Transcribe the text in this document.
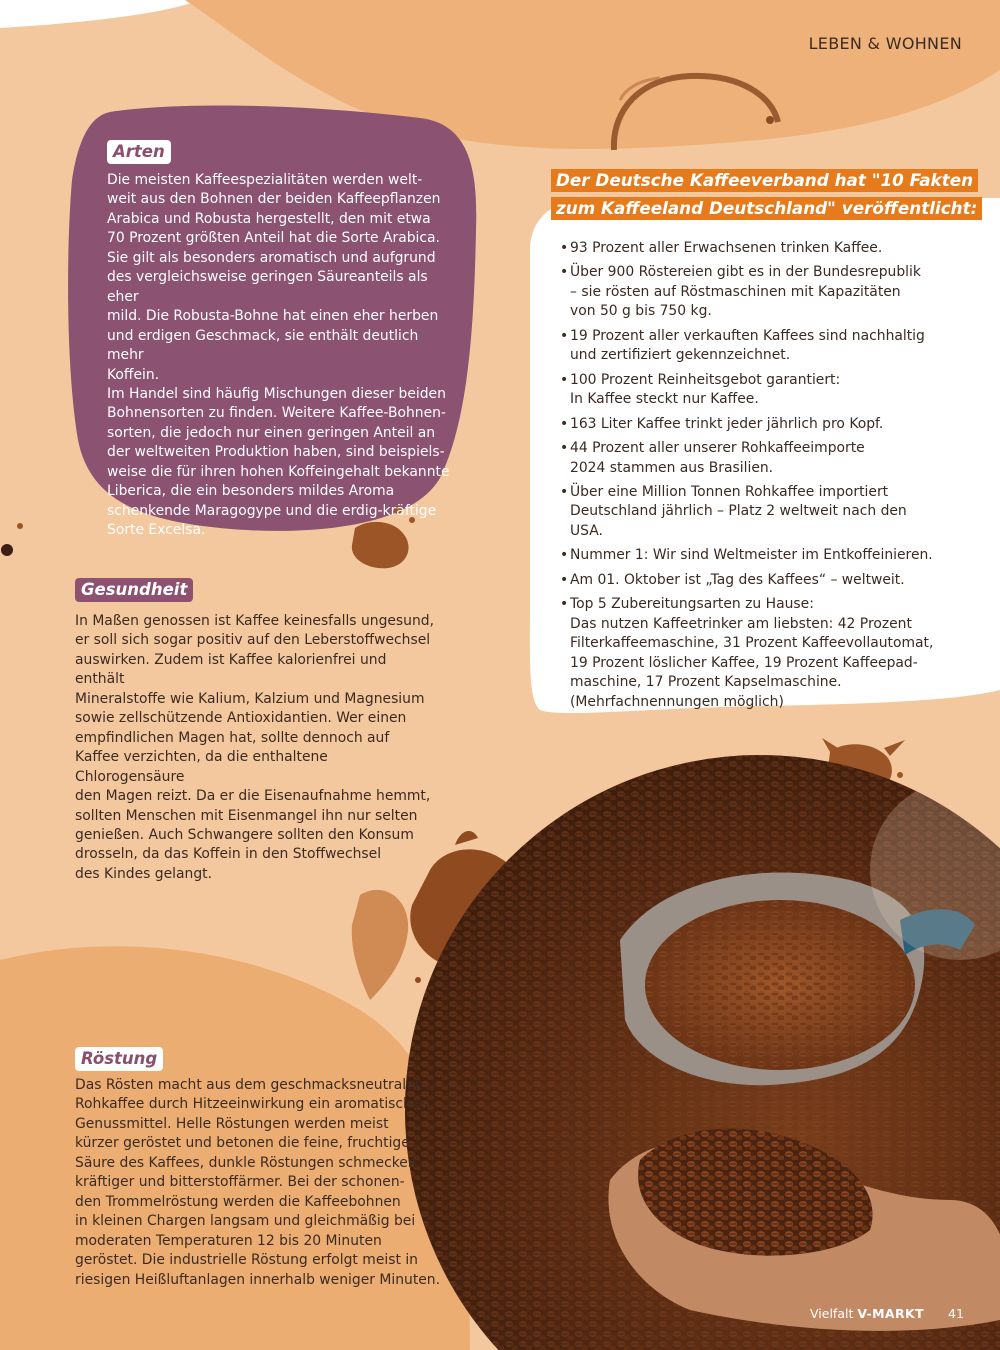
LEBEN & WOHNEN
Arten

Die meisten Kaffeespezialitäten werden welt-

weit aus den Bohnen der beiden Kaffeepflanzen

Arabica und Robusta hergestellt, den mit etwa

70 Prozent größten Anteil hat die Sorte Arabica.

Sie gilt als besonders aromatisch und aufgrund

des vergleichsweise geringen Säureanteils als eher

mild. Die Robusta-Bohne hat einen eher herben

und erdigen Geschmack, sie enthält deutlich mehr

Koffein.

Im Handel sind häufig Mischungen dieser beiden

Bohnensorten zu finden. Weitere Kaffee-Bohnen-

sorten, die jedoch nur einen geringen Anteil an

der weltweiten Produktion haben, sind beispiels-

weise die für ihren hohen Koffeingehalt bekannte

Liberica, die ein besonders mildes Aroma

schenkende Maragogype und die erdig-kräftige

Sorte Excelsa.

Der Deutsche Kaffeeverband hat "10 Fakten
zum Kaffeeland Deutschland" veröffentlicht:
• 93 Prozent aller Erwachsenen trinken Kaffee.
• Über 900 Röstereien gibt es in der Bundesrepublik
– sie rösten auf Röstmaschinen mit Kapazitäten
von 50 g bis 750 kg.
• 19 Prozent aller verkauften Kaffees sind nachhaltig
und zertifiziert gekennzeichnet.
• 100 Prozent Reinheitsgebot garantiert:
In Kaffee steckt nur Kaffee.
• 163 Liter Kaffee trinkt jeder jährlich pro Kopf.
• 44 Prozent aller unserer Rohkaffeeimporte
2024 stammen aus Brasilien.
• Über eine Million Tonnen Rohkaffee importiert
Deutschland jährlich – Platz 2 weltweit nach den USA.
• Nummer 1: Wir sind Weltmeister im Entkoffeinieren.
• Am 01. Oktober ist „Tag des Kaffees“ – weltweit.
• Top 5 Zubereitungsarten zu Hause:
Das nutzen Kaffeetrinker am liebsten: 42 Prozent
Filterkaffeemaschine, 31 Prozent Kaffeevollautomat,
19 Prozent löslicher Kaffee, 19 Prozent Kaffeepad-
maschine, 17 Prozent Kapselmaschine.
(Mehrfachnennungen möglich)
Gesundheit

In Maßen genossen ist Kaffee keinesfalls ungesund,

er soll sich sogar positiv auf den Leberstoffwechsel

auswirken. Zudem ist Kaffee kalorienfrei und enthält

Mineralstoffe wie Kalium, Kalzium und Magnesium

sowie zellschützende Antioxidantien. Wer einen

empfindlichen Magen hat, sollte dennoch auf

Kaffee verzichten, da die enthaltene Chlorogensäure

den Magen reizt. Da er die Eisenaufnahme hemmt,

sollten Menschen mit Eisenmangel ihn nur selten

genießen. Auch Schwangere sollten den Konsum

drosseln, da das Koffein in den Stoffwechsel

des Kindes gelangt.

Röstung

Das Rösten macht aus dem geschmacksneutralen

Rohkaffee durch Hitzeeinwirkung ein aromatisches

Genussmittel. Helle Röstungen werden meist

kürzer geröstet und betonen die feine, fruchtige

Säure des Kaffees, dunkle Röstungen schmecken

kräftiger und bitterstoffärmer. Bei der schonen-

den Trommelröstung werden die Kaffeebohnen

in kleinen Chargen langsam und gleichmäßig bei

moderaten Temperaturen 12 bis 20 Minuten

geröstet. Die industrielle Röstung erfolgt meist in

riesigen Heißluftanlagen innerhalb weniger Minuten.

Vielfalt V-MARKT 41
